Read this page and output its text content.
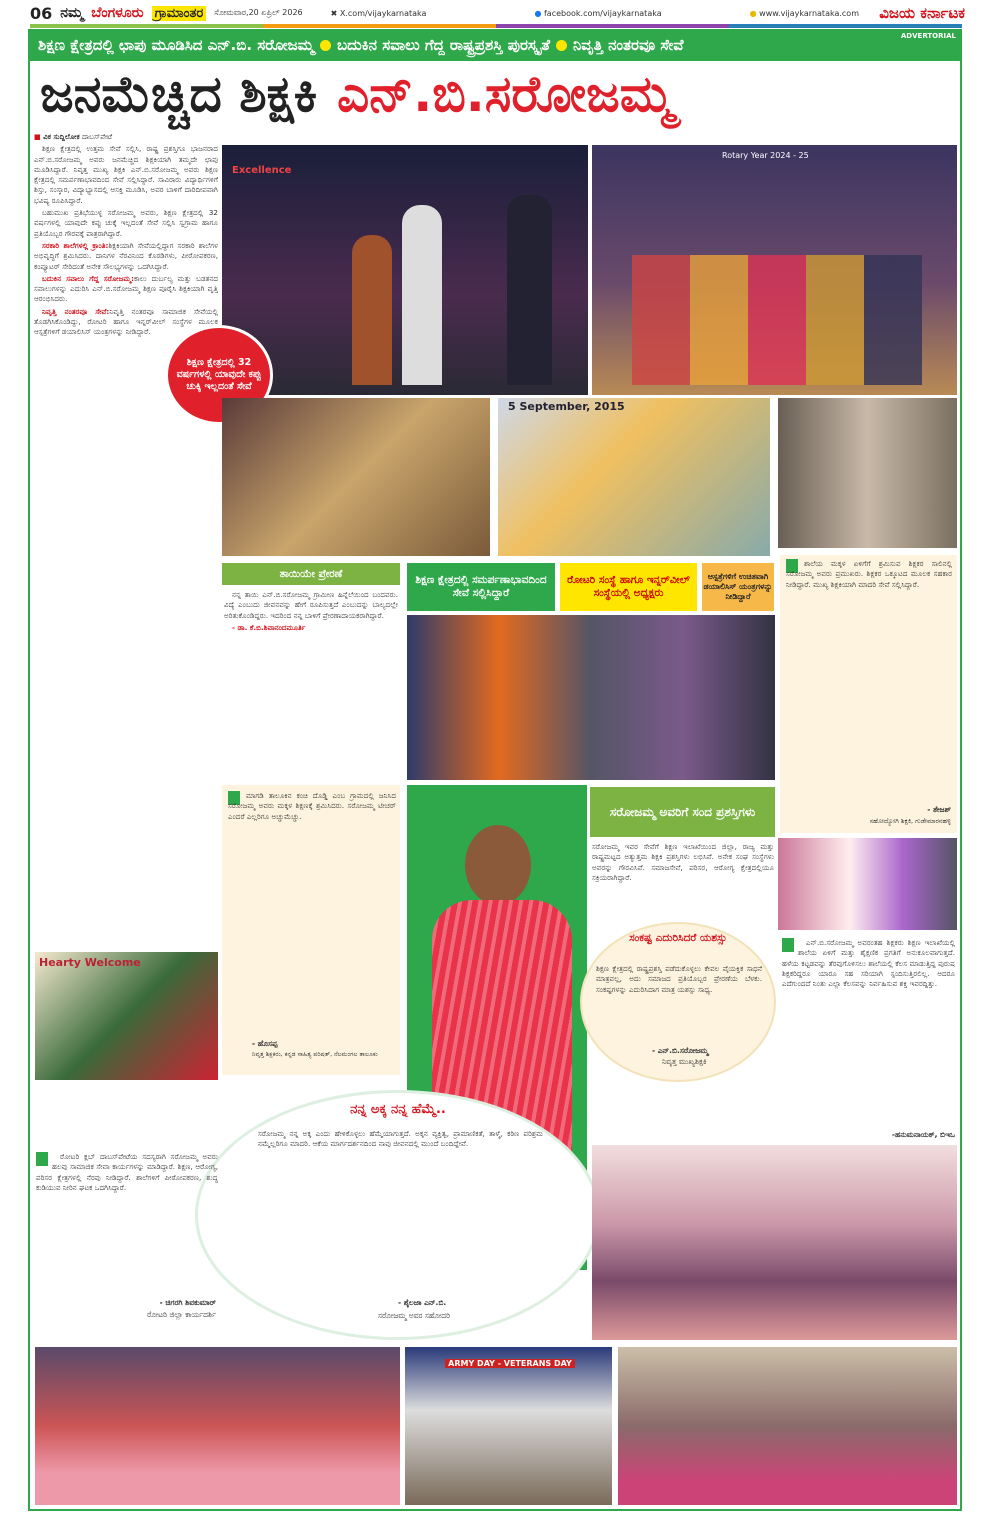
06 ನಮ್ಮ ಬೆಂಗಳೂರು ಗ್ರಾಮಾಂತರ	ಸೋಮವಾರ,20 ಏಪ್ರಿಲ್ 2026	✖ X.com/vijaykarnataka	● facebook.com/vijaykarnataka	● www.vijaykarnataka.com ವಿಜಯ ಕರ್ನಾಟಕ
ಶಿಕ್ಷಣ ಕ್ಷೇತ್ರದಲ್ಲಿ ಛಾಪು ಮೂಡಿಸಿದ ಎನ್.ಬಿ. ಸರೋಜಮ್ಮ ಬದುಕಿನ ಸವಾಲು ಗೆದ್ದ ರಾಷ್ಟ್ರಪ್ರಶಸ್ತಿ ಪುರಸ್ಕೃತೆ ನಿವೃತ್ತಿ ನಂತರವೂ ಸೇವೆ	ADVERTORIAL
ಜನಮೆಚ್ಚಿದ ಶಿಕ್ಷಕಿ ಎನ್.ಬಿ.ಸರೋಜಮ್ಮ

■ ವಿಕ ಸುದ್ದಿಲೋಕ ದಾಬಸ್‌ಪೇಟೆ

ಶಿಕ್ಷಣ ಕ್ಷೇತ್ರದಲ್ಲಿ ಉತ್ತಮ ಸೇವೆ ಸಲ್ಲಿಸಿ, ರಾಷ್ಟ್ರ ಪ್ರಶಸ್ತಿಗೂ ಭಾಜನರಾದ ಎನ್.ಬಿ.ಸರೋಜಮ್ಮ ಅವರು ಜನಮೆಚ್ಚಿದ ಶಿಕ್ಷಕಿಯಾಗಿ ತಮ್ಮದೇ ಛಾಪು ಮೂಡಿಸಿದ್ದಾರೆ. ನಿವೃತ್ತ ಮುಖ್ಯ ಶಿಕ್ಷಕಿ ಎನ್.ಬಿ.ಸರೋಜಮ್ಮ ಅವರು ಶಿಕ್ಷಣ ಕ್ಷೇತ್ರದಲ್ಲಿ ಸಮರ್ಪಣಾಭಾವದಿಂದ ಸೇವೆ ಸಲ್ಲಿಸಿದ್ದಾರೆ. ಸಾವಿರಾರು ವಿದ್ಯಾರ್ಥಿಗಳಿಗೆ ಶಿಸ್ತು, ಸಂಸ್ಕಾರ, ವಿದ್ಯಾಭ್ಯಾಸದಲ್ಲಿ ಆಸಕ್ತಿ ಮೂಡಿಸಿ, ಅವರ ಬಾಳಿಗೆ ದಾರಿದೀಪವಾಗಿ ಭವಿಷ್ಯ ರೂಪಿಸಿದ್ದಾರೆ.

ಬಹುಮುಖ ಪ್ರತಿಭೆಯುಳ್ಳ ಸರೋಜಮ್ಮ ಅವರು, ಶಿಕ್ಷಣ ಕ್ಷೇತ್ರದಲ್ಲಿ 32 ವರ್ಷಗಳಲ್ಲಿ ಯಾವುದೇ ಕಪ್ಪು ಚುಕ್ಕೆ ಇಲ್ಲದಂತೆ ಸೇವೆ ಸಲ್ಲಿಸಿ ಸ್ವಗ್ರಾಮ ಹಾಗೂ ಪ್ರತಿಯೊಬ್ಬರ ಗೌರವಕ್ಕೆ ಪಾತ್ರರಾಗಿದ್ದಾರೆ.

ಸರಕಾರಿ ಶಾಲೆಗಳಲ್ಲಿ ಕ್ರಾಂತಿ:ಶಿಕ್ಷಕಿಯಾಗಿ ಸೇವೆಯಲ್ಲಿದ್ದಾಗ ಸರಕಾರಿ ಶಾಲೆಗಳ ಅಭಿವೃದ್ಧಿಗೆ ಶ್ರಮಿಸಿದರು. ದಾನಿಗಳ ನೆರವಿನಿಂದ ಕೊಠಡಿಗಳು, ಪೀಠೋಪಕರಣ, ಕಂಪ್ಯೂಟರ್ ಸೇರಿದಂತೆ ಅನೇಕ ಸೌಲಭ್ಯಗಳನ್ನು ಒದಗಿಸಿದ್ದಾರೆ.

ಬದುಕಿನ ಸವಾಲು ಗೆದ್ದ ಸರೋಜಮ್ಮ:ಕಾಲು ದುರ್ಬಲ್ಯ ಮತ್ತು ಬಡತನದ ಸವಾಲುಗಳನ್ನು ಎದುರಿಸಿ ಎನ್.ಬಿ.ಸರೋಜಮ್ಮ ಶಿಕ್ಷಣ ಪೂರೈಸಿ ಶಿಕ್ಷಕಿಯಾಗಿ ವೃತ್ತಿ ಆರಂಭಿಸಿದರು.

ನಿವೃತ್ತಿ ನಂತರವೂ ಸೇವೆ:ನಿವೃತ್ತಿ ನಂತರವೂ ಸಾಮಾಜಿಕ ಸೇವೆಯಲ್ಲಿ ತೊಡಗಿಸಿಕೊಂಡಿದ್ದು, ರೋಟರಿ ಹಾಗೂ ಇನ್ನರ್‌ವೀಲ್ ಸಂಸ್ಥೆಗಳ ಮೂಲಕ ಆಸ್ಪತ್ರೆಗಳಿಗೆ ಡಯಾಲಿಸಿಸ್ ಯಂತ್ರಗಳನ್ನು ನೀಡಿದ್ದಾರೆ.

Excellence
Rotary Year 2024 - 25
ಶಿಕ್ಷಣ ಕ್ಷೇತ್ರದಲ್ಲಿ 32 ವರ್ಷಗಳಲ್ಲಿ ಯಾವುದೇ ಕಪ್ಪು ಚುಕ್ಕಿ ಇಲ್ಲದಂತೆ ಸೇವೆ
5 September, 2015
ತಾಯಿಯೇ ಪ್ರೇರಣೆ

ನನ್ನ ತಾಯಿ ಎನ್.ಬಿ.ಸರೋಜಮ್ಮ ಗ್ರಾಮೀಣ ಹಿನ್ನೆಲೆಯಿಂದ ಬಂದವರು. ವಿದ್ಯೆ ಎಂಬುದು ಜೀವನವನ್ನು ಹೇಗೆ ರೂಪಿಸುತ್ತದೆ ಎಂಬುದನ್ನು ಬಾಲ್ಯದಲ್ಲೇ ಅರಿತುಕೊಂಡಿದ್ದರು. ಇದರಿಂದ ನನ್ನ ಬಾಳಿಗೆ ಪ್ರೇರಣಾದಾಯಕರಾಗಿದ್ದಾರೆ.

- ಡಾ. ಕೆ.ಬಿ.ಶಿವಾನಂದಮೂರ್ತಿ

ಶಿಕ್ಷಣ ಕ್ಷೇತ್ರದಲ್ಲಿ ಸಮರ್ಪಣಾಭಾವದಿಂದ ಸೇವೆ ಸಲ್ಲಿಸಿದ್ದಾರೆ
ರೋಟರಿ ಸಂಸ್ಥೆ ಹಾಗೂ ಇನ್ನರ್‌ವೀಲ್ ಸಂಸ್ಥೆಯಲ್ಲಿ ಅಧ್ಯಕ್ಷರು
ಆಸ್ಪತ್ರೆಗಳಿಗೆ ಉಚಿತವಾಗಿ ಡಯಾಲಿಸಿಸ್ ಯಂತ್ರಗಳನ್ನು ನೀಡಿದ್ದಾರೆ
ಶಾಲೆಯ ಮಕ್ಕಳ ಏಳಿಗೆಗೆ ಶ್ರಮಿಸುವ ಶಿಕ್ಷಕರ ಸಾಲಿನಲ್ಲಿ ಸರೋಜಮ್ಮ ಅವರು ಪ್ರಮುಖರು. ಶಿಕ್ಷಕರ ಒಕ್ಕೂಟದ ಮೂಲಕ ಸಹಕಾರ ನೀಡಿದ್ದಾರೆ. ಮುಖ್ಯ ಶಿಕ್ಷಕಿಯಾಗಿ ಮಾದರಿ ಸೇವೆ ಸಲ್ಲಿಸಿದ್ದಾರೆ.
- ತೇಜಶ್
ಸಹೋದ್ಯೋಗಿ ಶಿಕ್ಷಕಿ, ಗುಡೇಮಾರನಹಳ್ಳಿ

ಎನ್.ಬಿ.ಸರೋಜಮ್ಮ ಅವರಂತಹ ಶಿಕ್ಷಕರು ಶಿಕ್ಷಣ ಇಲಾಖೆಯಲ್ಲಿ ಶಾಲೆಯ ಏಳಿಗೆ ಮತ್ತು ಶೈಕ್ಷಣಿಕ ಪ್ರಗತಿಗೆ ಅನುಕೂಲವಾಗುತ್ತದೆ. ಹಳೆಯ ಕಟ್ಟಡವನ್ನು ತೆರವುಗೊಳಿಸಲು ಶಾಲೆಯಲ್ಲಿ ಕೆಲಸ ಮಾಡುತ್ತಿದ್ದ ಪುರುಷ ಶಿಕ್ಷಕರಿದ್ದರೂ ಯಾರೂ ಸಹ ಸರಿಯಾಗಿ ಸ್ಪಂದಿಸುತ್ತಿರಲಿಲ್ಲ. ಆದರೂ ಎದೆಗುಂದದೆ ನಿಂತು ಎಲ್ಲಾ ಕೆಲಸವನ್ನು ನಿರ್ವಹಿಸುವ ಶಕ್ತಿ ಇವರದ್ದಿತ್ತು.

-ಹನುಮನಾಯಕ್, ಬಿಇಒ
ಮಾಗಡಿ ತಾಲೂಕಿನ ಕಂಚಿ ದೊಡ್ಡಿ ಎಂಬ ಗ್ರಾಮದಲ್ಲಿ ಜನಿಸಿದ ಸರೋಜಮ್ಮ ಅವರು ಮಕ್ಕಳ ಶಿಕ್ಷಣಕ್ಕೆ ಶ್ರಮಿಸಿದರು. ಸರೋಜಮ್ಮ ಟೀಚರ್ ಎಂದರೆ ಎಲ್ಲರಿಗೂ ಅಚ್ಚುಮೆಚ್ಚು.
- ಹೊಸಪ್ಪ
ನಿವೃತ್ತ ಶಿಕ್ಷಕರು, ಕನ್ನಡ ಸಾಹಿತ್ಯ ಪರಿಷತ್, ನೆಲಮಂಗಲ ತಾಲೂಕು
ಸರೋಜಮ್ಮ ಅವರಿಗೆ ಸಂದ ಪ್ರಶಸ್ತಿಗಳು
ಸರೋಜಮ್ಮ ಇವರ ಸೇವೆಗೆ ಶಿಕ್ಷಣ ಇಲಾಖೆಯಿಂದ ಜಿಲ್ಲಾ, ರಾಜ್ಯ ಮತ್ತು ರಾಷ್ಟ್ರಮಟ್ಟದ ಅತ್ಯುತ್ತಮ ಶಿಕ್ಷಕಿ ಪ್ರಶಸ್ತಿಗಳು ಲಭಿಸಿವೆ. ಅನೇಕ ಸಂಘ ಸಂಸ್ಥೆಗಳು ಅವರನ್ನು ಗೌರವಿಸಿವೆ. ಸಮಾಜಸೇವೆ, ಪರಿಸರ, ಆರೋಗ್ಯ ಕ್ಷೇತ್ರದಲ್ಲಿಯೂ ಸಕ್ರಿಯರಾಗಿದ್ದಾರೆ.
ಸಂಕಷ್ಟ ಎದುರಿಸಿದರೆ ಯಶಸ್ಸು
ಶಿಕ್ಷಣ ಕ್ಷೇತ್ರದಲ್ಲಿ ರಾಷ್ಟ್ರಪ್ರಶಸ್ತಿ ಪಡೆದುಕೊಳ್ಳಲು ಕೇವಲ ವೈಯಕ್ತಿಕ ಸಾಧನೆ ಮಾತ್ರವಲ್ಲ, ಅದು ಸಮಾಜದ ಪ್ರತಿಯೊಬ್ಬರ ಪ್ರೇರಣೆಯ ಬೆಳಕು. ಸಂಕಷ್ಟಗಳನ್ನು ಎದುರಿಸಿದಾಗ ಮಾತ್ರ ಯಶಸ್ಸು ಸಾಧ್ಯ.
- ಎನ್.ಬಿ.ಸರೋಜಮ್ಮ
ನಿವೃತ್ತ ಮುಖ್ಯಶಿಕ್ಷಕಿ
ನನ್ನ ಅಕ್ಕ ನನ್ನ ಹೆಮ್ಮೆ..
ಸರೋಜಮ್ಮ ನನ್ನ ಅಕ್ಕ ಎಂದು ಹೇಳಿಕೊಳ್ಳಲು ಹೆಮ್ಮೆಯಾಗುತ್ತದೆ. ಅಕ್ಕನ ವ್ಯಕ್ತಿತ್ವ, ಪ್ರಾಮಾಣಿಕತೆ, ತಾಳ್ಮೆ, ಕಠಿಣ ಪರಿಶ್ರಮ ನಮ್ಮೆಲ್ಲರಿಗೂ ಮಾದರಿ. ಆಕೆಯ ಮಾರ್ಗದರ್ಶನದಿಂದ ನಾವು ಜೀವನದಲ್ಲಿ ಮುಂದೆ ಬಂದಿದ್ದೇವೆ.
- ಶೈಲಜಾ ಎನ್.ಬಿ.
ಸರೋಜಮ್ಮ ಅವರ ಸಹೋದರಿ
Hearty Welcome

ರೋಟರಿ ಕ್ಲಬ್ ದಾಬಸ್‌ಪೇಟೆಯ ಸದಸ್ಯರಾಗಿ ಸರೋಜಮ್ಮ ಅವರು ಹಲವು ಸಾಮಾಜಿಕ ಸೇವಾ ಕಾರ್ಯಗಳನ್ನು ಮಾಡಿದ್ದಾರೆ. ಶಿಕ್ಷಣ, ಆರೋಗ್ಯ, ಪರಿಸರ ಕ್ಷೇತ್ರಗಳಲ್ಲಿ ನೆರವು ನೀಡಿದ್ದಾರೆ. ಶಾಲೆಗಳಿಗೆ ಪೀಠೋಪಕರಣ, ಶುದ್ಧ ಕುಡಿಯುವ ನೀರಿನ ಘಟಕ ಒದಗಿಸಿದ್ದಾರೆ.

- ಚಿಗರಗಿ ಶಿವಕುಮಾರ್
ರೋಟರಿ ಜಿಲ್ಲಾ ಕಾರ್ಯದರ್ಶಿ
ARMY DAY - VETERANS DAY
